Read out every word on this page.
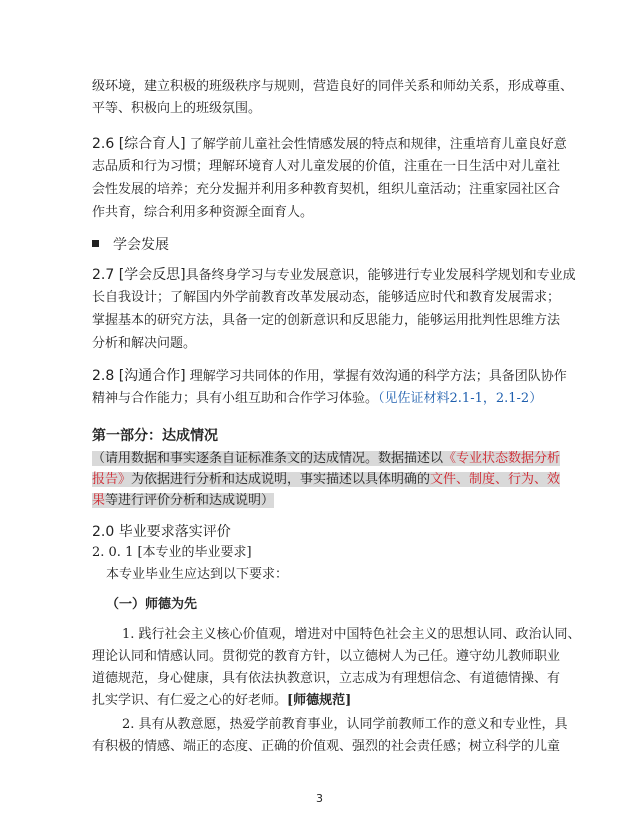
级环境，建立积极的班级秩序与规则，营造良好的同伴关系和师幼关系，形成尊重、
平等、积极向上的班级氛围。
2.6 [综合育人] 了解学前儿童社会性情感发展的特点和规律，注重培育儿童良好意
志品质和行为习惯；理解环境育人对儿童发展的价值，注重在一日生活中对儿童社
会性发展的培养；充分发掘并利用多种教育契机，组织儿童活动；注重家园社区合
作共育，综合利用多种资源全面育人。
学会发展
2.7 [学会反思]具备终身学习与专业发展意识，能够进行专业发展科学规划和专业成
长自我设计；了解国内外学前教育改革发展动态，能够适应时代和教育发展需求；
掌握基本的研究方法，具备一定的创新意识和反思能力，能够运用批判性思维方法
分析和解决问题。
2.8 [沟通合作] 理解学习共同体的作用，掌握有效沟通的科学方法；具备团队协作
精神与合作能力；具有小组互助和合作学习体验。（见佐证材料2.1-1，2.1-2）
第一部分：达成情况
（请用数据和事实逐条自证标准条文的达成情况。数据描述以《专业状态数据分析
报告》为依据进行分析和达成说明，事实描述以具体明确的文件、制度、行为、效
果等进行评价分析和达成说明）
2.0 毕业要求落实评价
2. 0. 1 [本专业的毕业要求]
本专业毕业生应达到以下要求：
（一）师德为先
1. 践行社会主义核心价值观，增进对中国特色社会主义的思想认同、政治认同、
理论认同和情感认同。贯彻党的教育方针，以立德树人为己任。遵守幼儿教师职业
道德规范，身心健康，具有依法执教意识，立志成为有理想信念、有道德情操、有
扎实学识、有仁爱之心的好老师。[师德规范]
2. 具有从教意愿，热爱学前教育事业，认同学前教师工作的意义和专业性，具
有积极的情感、端正的态度、正确的价值观、强烈的社会责任感；树立科学的儿童
3
